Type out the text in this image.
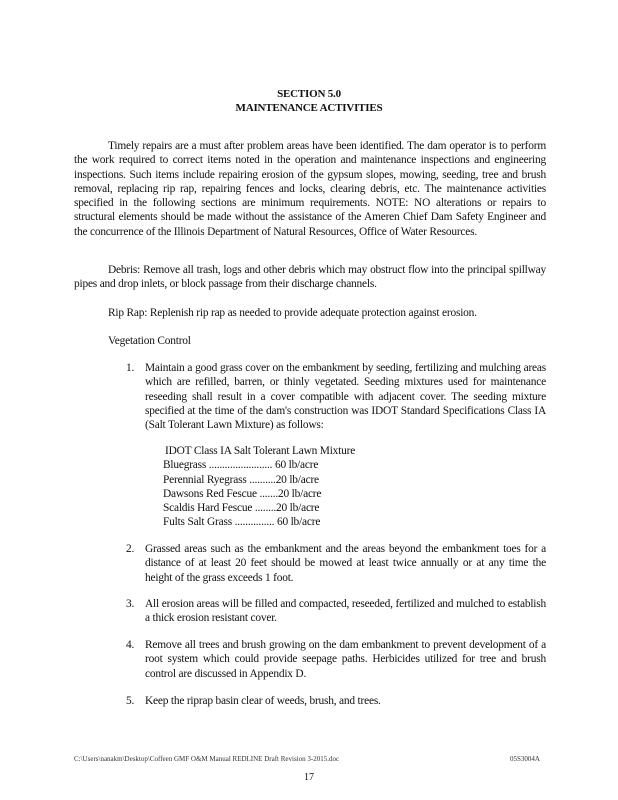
SECTION 5.0
MAINTENANCE ACTIVITIES
Timely repairs are a must after problem areas have been identified. The dam operator is to perform the work required to correct items noted in the operation and maintenance inspections and engineering inspections. Such items include repairing erosion of the gypsum slopes, mowing, seeding, tree and brush removal, replacing rip rap, repairing fences and locks, clearing debris, etc. The maintenance activities specified in the following sections are minimum requirements. NOTE: NO alterations or repairs to structural elements should be made without the assistance of the Ameren Chief Dam Safety Engineer and the concurrence of the Illinois Department of Natural Resources, Office of Water Resources.
Debris: Remove all trash, logs and other debris which may obstruct flow into the principal spillway pipes and drop inlets, or block passage from their discharge channels.
Rip Rap: Replenish rip rap as needed to provide adequate protection against erosion.
Vegetation Control
1. Maintain a good grass cover on the embankment by seeding, fertilizing and mulching areas which are refilled, barren, or thinly vegetated. Seeding mixtures used for maintenance reseeding shall result in a cover compatible with adjacent cover. The seeding mixture specified at the time of the dam's construction was IDOT Standard Specifications Class IA (Salt Tolerant Lawn Mixture) as follows:
IDOT Class IA Salt Tolerant Lawn Mixture
Bluegrass ........................ 60 lb/acre
Perennial Ryegrass ..........20 lb/acre
Dawsons Red Fescue .......20 lb/acre
Scaldis Hard Fescue ........20 lb/acre
Fults Salt Grass ............... 60 lb/acre
2. Grassed areas such as the embankment and the areas beyond the embankment toes for a distance of at least 20 feet should be mowed at least twice annually or at any time the height of the grass exceeds 1 foot.
3. All erosion areas will be filled and compacted, reseeded, fertilized and mulched to establish a thick erosion resistant cover.
4. Remove all trees and brush growing on the dam embankment to prevent development of a root system which could provide seepage paths. Herbicides utilized for tree and brush control are discussed in Appendix D.
5. Keep the riprap basin clear of weeds, brush, and trees.
C:\Users\nanakm\Desktop\Coffeen GMF O&M Manual REDLINE Draft Revision 3-2015.doc	05S3004A
17
